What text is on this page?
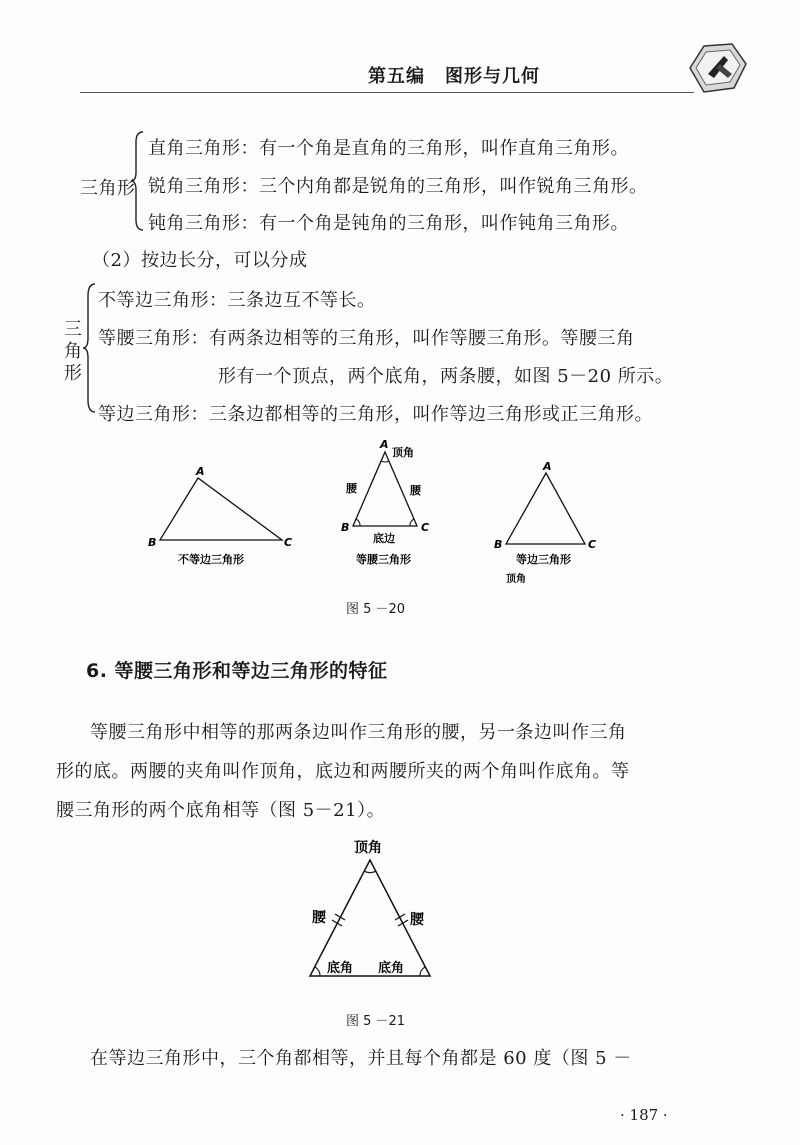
第五编 图形与几何
三角形
直角三角形：有一个角是直角的三角形，叫作直角三角形。
锐角三角形：三个内角都是锐角的三角形，叫作锐角三角形。
钝角三角形：有一个角是钝角的三角形，叫作钝角三角形。
（2）按边长分，可以分成
三
角
形
不等边三角形：三条边互不等长。
等腰三角形：有两条边相等的三角形，叫作等腰三角形。等腰三角
形有一个顶点，两个底角，两条腰，如图 5－20 所示。
等边三角形：三条边都相等的三角形，叫作等边三角形或正三角形。
A
B	C
不等边三角形
A
顶角
腰	腰
B	C
底边
等腰三角形
A
B	C
等边三角形
顶角
图 5 －20
6. 等腰三角形和等边三角形的特征
等腰三角形中相等的那两条边叫作三角形的腰，另一条边叫作三角
形的底。两腰的夹角叫作顶角，底边和两腰所夹的两个角叫作底角。等
腰三角形的两个底角相等（图 5－21）。
顶角
腰	腰
底角 底角
图 5 －21
在等边三角形中，三个角都相等，并且每个角都是 60 度（图 5 －
· 187 ·
